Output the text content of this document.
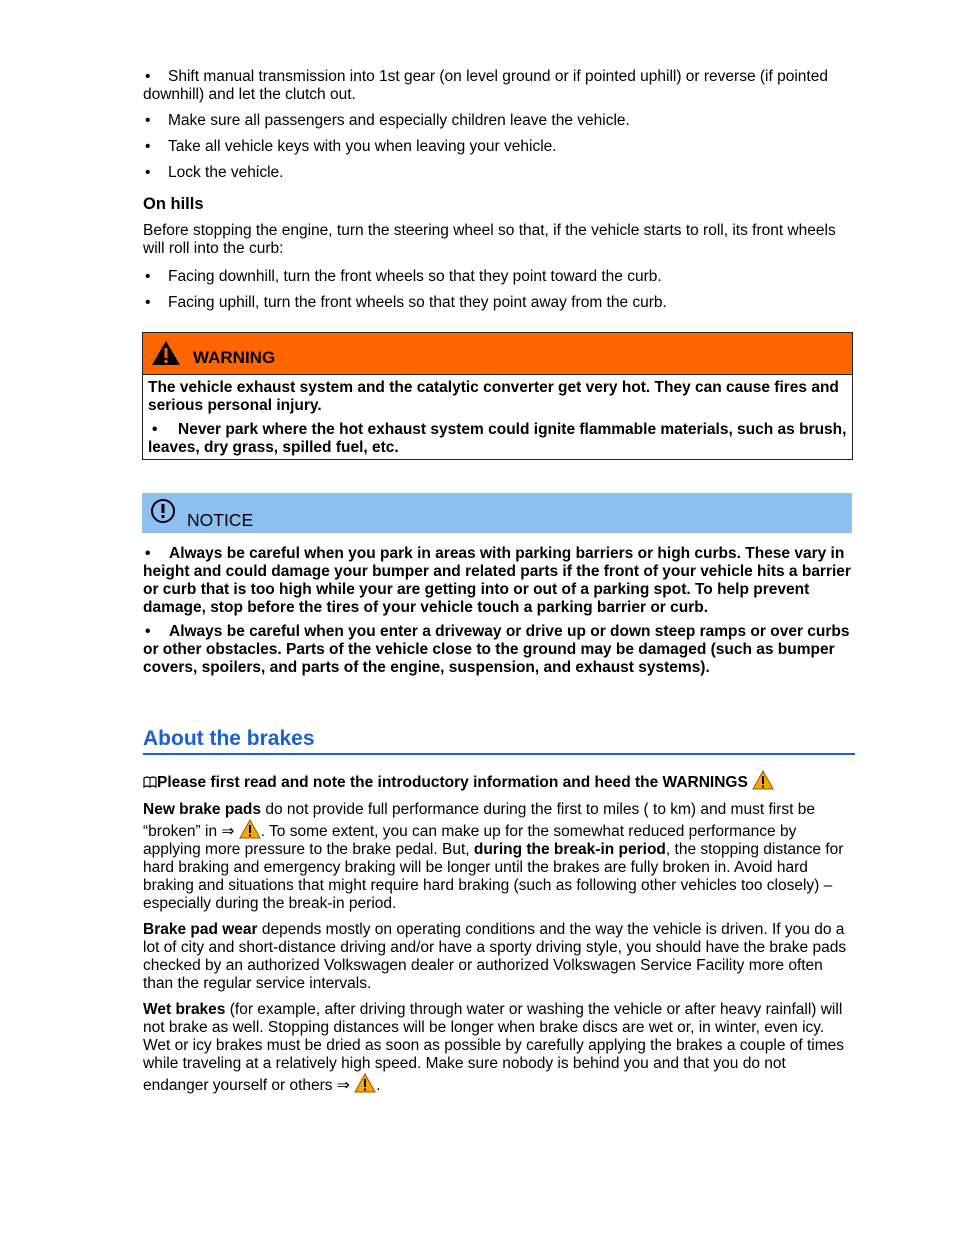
• Shift manual transmission into 1st gear (on level ground or if pointed uphill) or reverse (if pointed downhill) and let the clutch out.

• Make sure all passengers and especially children leave the vehicle.

• Take all vehicle keys with you when leaving your vehicle.

• Lock the vehicle.

On hills

Before stopping the engine, turn the steering wheel so that, if the vehicle starts to roll, its front wheels will roll into the curb:

• Facing downhill, turn the front wheels so that they point toward the curb.

• Facing uphill, turn the front wheels so that they point away from the curb.

WARNING

The vehicle exhaust system and the catalytic converter get very hot. They can cause fires and serious personal injury.

• Never park where the hot exhaust system could ignite flammable materials, such as brush, leaves, dry grass, spilled fuel, etc.

NOTICE

• Always be careful when you park in areas with parking barriers or high curbs. These vary in height and could damage your bumper and related parts if the front of your vehicle hits a barrier or curb that is too high while your are getting into or out of a parking spot. To help prevent damage, stop before the tires of your vehicle touch a parking barrier or curb.

• Always be careful when you enter a driveway or drive up or down steep ramps or over curbs or other obstacles. Parts of the vehicle close to the ground may be damaged (such as bumper covers, spoilers, and parts of the engine, suspension, and exhaust systems).

About the brakes

Please first read and note the introductory information and heed the WARNINGS

New brake pads do not provide full performance during the first to miles ( to km) and must first be “broken” in ⇒ . To some extent, you can make up for the somewhat reduced performance by applying more pressure to the brake pedal. But, during the break-in period, the stopping distance for hard braking and emergency braking will be longer until the brakes are fully broken in. Avoid hard braking and situations that might require hard braking (such as following other vehicles too closely) – especially during the break-in period.

Brake pad wear depends mostly on operating conditions and the way the vehicle is driven. If you do a lot of city and short-distance driving and/or have a sporty driving style, you should have the brake pads checked by an authorized Volkswagen dealer or authorized Volkswagen Service Facility more often than the regular service intervals.

Wet brakes (for example, after driving through water or washing the vehicle or after heavy rainfall) will not brake as well. Stopping distances will be longer when brake discs are wet or, in winter, even icy. Wet or icy brakes must be dried as soon as possible by carefully applying the brakes a couple of times while traveling at a relatively high speed. Make sure nobody is behind you and that you do not endanger yourself or others ⇒ .
